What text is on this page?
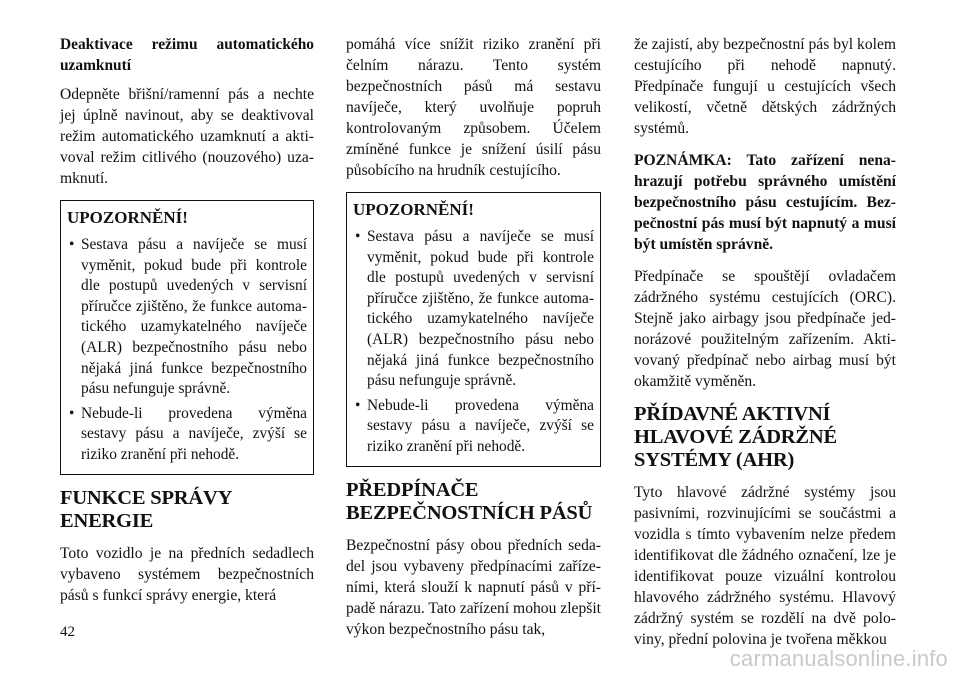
Deaktivace režimu automatického uzamknutí

Odepněte břišní/ramenní pás a nechte jej úplně navinout, aby se deaktivoval režim automatického uzamknutí a aktivoval režim citlivého (nouzového) uzamknutí.

UPOZORNĚNÍ!
• Sestava pásu a navíječe se musí vyměnit, pokud bude při kontrole dle postupů uvedených v servisní příručce zjištěno, že funkce automatického uzamykatelného navíječe (ALR) bezpečnostního pásu nebo nějaká jiná funkce bezpečnostního pásu nefunguje správně.
• Nebude-li provedena výměna sestavy pásu a navíječe, zvýší se riziko zranění při nehodě.
FUNKCE SPRÁVY ENERGIE

Toto vozidlo je na předních sedadlech vybaveno systémem bezpečnostních pásů s funkcí správy energie, která

pomáhá více snížit riziko zranění při čelním nárazu. Tento systém bezpečnostních pásů má sestavu navíječe, který uvolňuje popruh kontrolovaným způsobem. Účelem zmíněné funkce je snížení úsilí pásu působícího na hrudník cestujícího.

UPOZORNĚNÍ!
• Sestava pásu a navíječe se musí vyměnit, pokud bude při kontrole dle postupů uvedených v servisní příručce zjištěno, že funkce automatického uzamykatelného navíječe (ALR) bezpečnostního pásu nebo nějaká jiná funkce bezpečnostního pásu nefunguje správně.
• Nebude-li provedena výměna sestavy pásu a navíječe, zvýší se riziko zranění při nehodě.
PŘEDPÍNAČE BEZPEČNOSTNÍCH PÁSŮ

Bezpečnostní pásy obou předních sedadel jsou vybaveny předpínacími zařízeními, která slouží k napnutí pásů v případě nárazu. Tato zařízení mohou zlepšit výkon bezpečnostního pásu tak,

že zajistí, aby bezpečnostní pás byl kolem cestujícího při nehodě napnutý. Předpínače fungují u cestujících všech velikostí, včetně dětských zádržných systémů.

POZNÁMKA: Tato zařízení nenahrazují potřebu správného umístění bezpečnostního pásu cestujícím. Bezpečnostní pás musí být napnutý a musí být umístěn správně.

Předpínače se spouštějí ovladačem zádržného systému cestujících (ORC). Stejně jako airbagy jsou předpínače jednorázové použitelným zařízením. Aktivovaný předpínač nebo airbag musí být okamžitě vyměněn.

PŘÍDAVNÉ AKTIVNÍ HLAVOVÉ ZÁDRŽNÉ SYSTÉMY (AHR)

Tyto hlavové zádržné systémy jsou pasivními, rozvinujícími se součástmi a vozidla s tímto vybavením nelze předem identifikovat dle žádného označení, lze je identifikovat pouze vizuální kontrolou hlavového zádržného systému. Hlavový zádržný systém se rozdělí na dvě poloviny, přední polovina je tvořena měkkou

42
carmanualsonline.info
